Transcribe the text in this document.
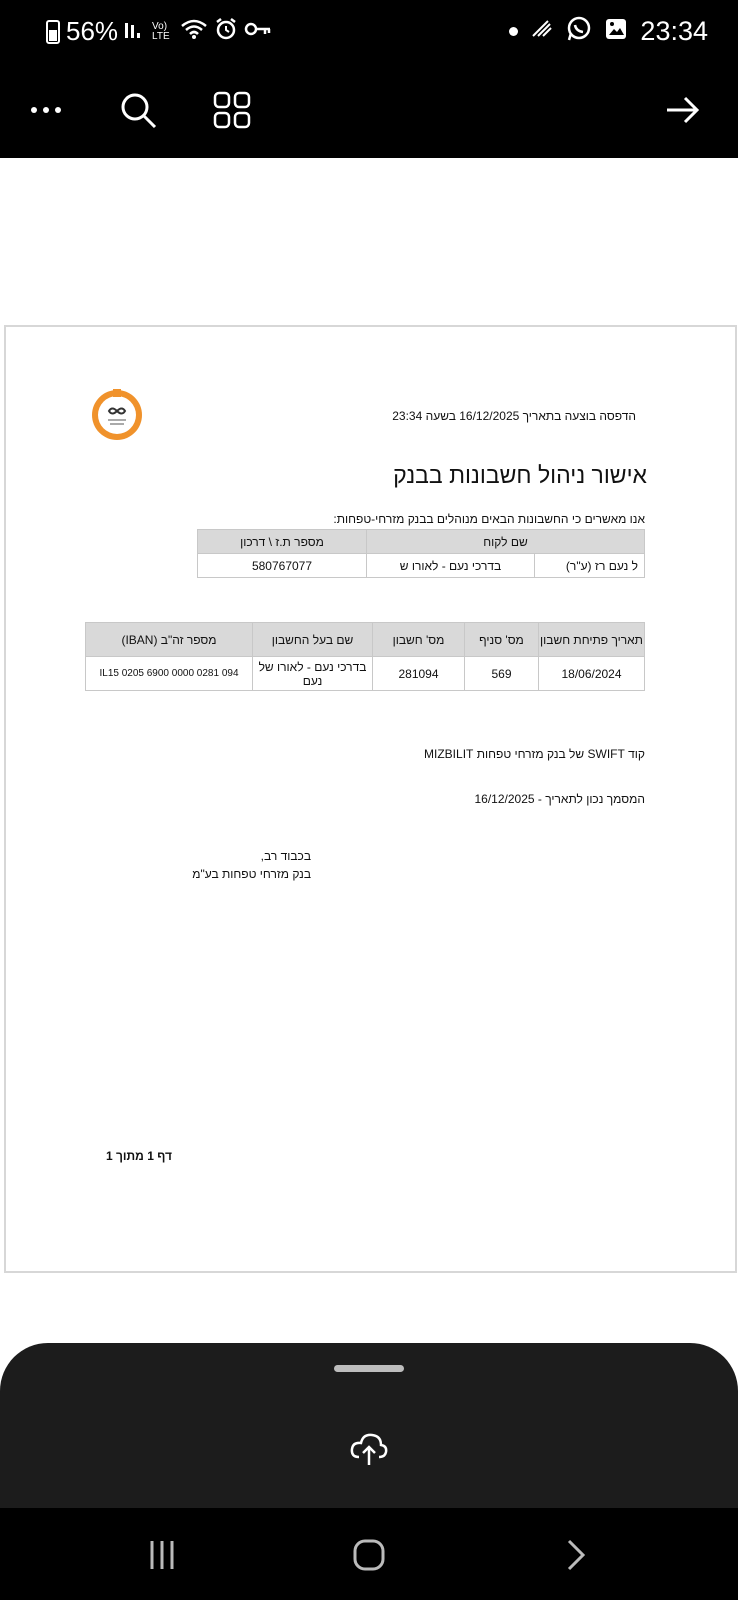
56%	Vo) LTE	23:34
הדפסה בוצעה בתאריך 16/12/2025 בשעה 23:34
אישור ניהול חשבונות בבנק
אנו מאשרים כי החשבונות הבאים מנוהלים בבנק מזרחי-טפחות:
שם לקוח		מספר ת.ז \ דרכון
ל נעם רז (ע"ר)	בדרכי נעם - לאורו ש	580767077
תאריך פתיחת חשבון	מס' סניף	מס' חשבון	שם בעל החשבון	מספר זה"ב (IBAN)
18/06/2024	569	281094	בדרכי נעם - לאורו של נעם	IL15 0205 6900 0000 0281 094
קוד SWIFT של בנק מזרחי טפחות MIZBILIT
המסמך נכון לתאריך - 16/12/2025
בכבוד רב,
בנק מזרחי טפחות בע"מ
דף 1 מתוך 1
